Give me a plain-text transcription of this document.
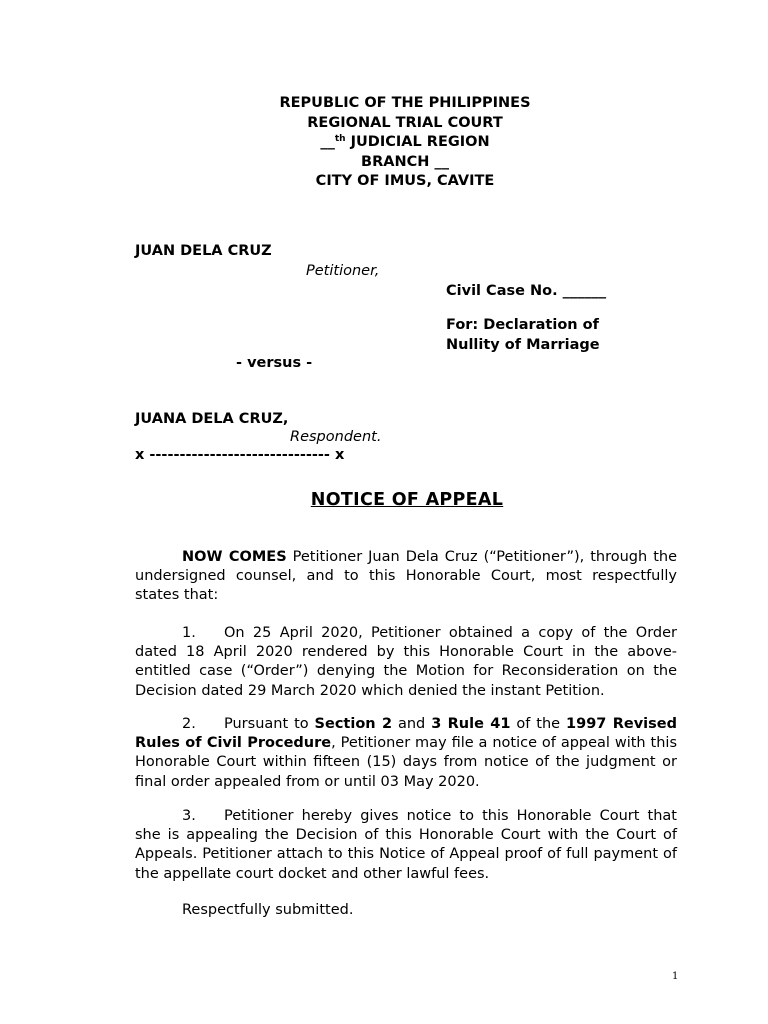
REPUBLIC OF THE PHILIPPINES
REGIONAL TRIAL COURT
__$^{th}$ JUDICIAL REGION
BRANCH __
CITY OF IMUS, CAVITE
JUAN DELA CRUZ
Petitioner,
Civil Case No. ______
For: Declaration of
Nullity of Marriage
- versus -
JUANA DELA CRUZ,
Respondent.
x ------------------------------ x
NOTICE OF APPEAL

NOW COMES Petitioner Juan Dela Cruz (“Petitioner”), through the undersigned counsel, and to this Honorable Court, most respectfully states that:

1. On 25 April 2020, Petitioner obtained a copy of the Order dated 18 April 2020 rendered by this Honorable Court in the above-entitled case (“Order”) denying the Motion for Reconsideration on the Decision dated 29 March 2020 which denied the instant Petition.

2. Pursuant to Section 2 and 3 Rule 41 of the 1997 Revised Rules of Civil Procedure, Petitioner may file a notice of appeal with this Honorable Court within fifteen (15) days from notice of the judgment or final order appealed from or until 03 May 2020.

3. Petitioner hereby gives notice to this Honorable Court that she is appealing the Decision of this Honorable Court with the Court of Appeals. Petitioner attach to this Notice of Appeal proof of full payment of the appellate court docket and other lawful fees.

Respectfully submitted.
1
